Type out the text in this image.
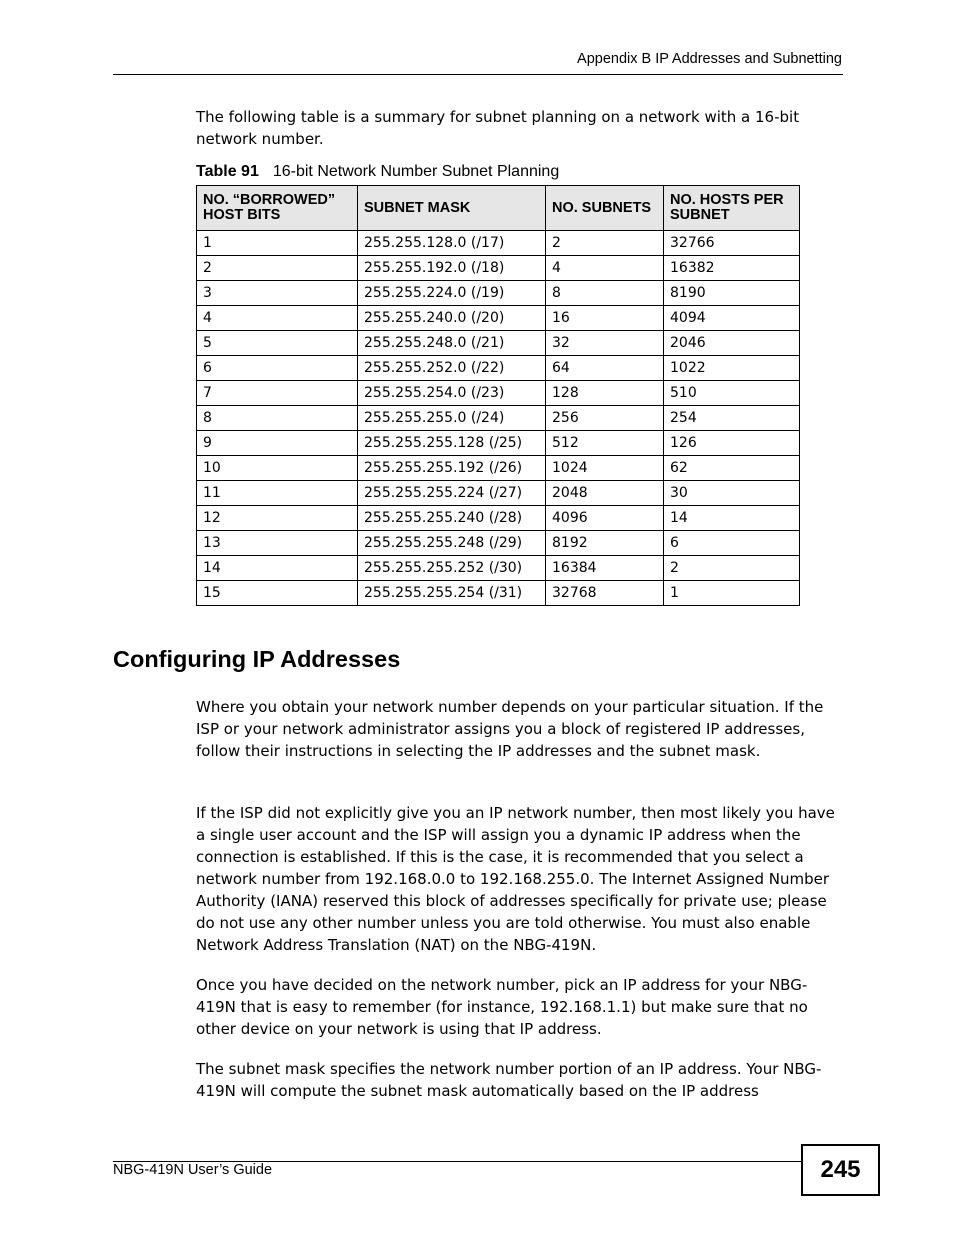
Appendix B IP Addresses and Subnetting

The following table is a summary for subnet planning on a network with a 16-bit network number.

Table 91 16-bit Network Number Subnet Planning
NO. “BORROWED” HOST BITS	SUBNET MASK	NO. SUBNETS	NO. HOSTS PER SUBNET
1	255.255.128.0 (/17)	2	32766
2	255.255.192.0 (/18)	4	16382
3	255.255.224.0 (/19)	8	8190
4	255.255.240.0 (/20)	16	4094
5	255.255.248.0 (/21)	32	2046
6	255.255.252.0 (/22)	64	1022
7	255.255.254.0 (/23)	128	510
8	255.255.255.0 (/24)	256	254
9	255.255.255.128 (/25)	512	126
10	255.255.255.192 (/26)	1024	62
11	255.255.255.224 (/27)	2048	30
12	255.255.255.240 (/28)	4096	14
13	255.255.255.248 (/29)	8192	6
14	255.255.255.252 (/30)	16384	2
15	255.255.255.254 (/31)	32768	1
Configuring IP Addresses

Where you obtain your network number depends on your particular situation. If the ISP or your network administrator assigns you a block of registered IP addresses, follow their instructions in selecting the IP addresses and the subnet mask.

If the ISP did not explicitly give you an IP network number, then most likely you have a single user account and the ISP will assign you a dynamic IP address when the connection is established. If this is the case, it is recommended that you select a network number from 192.168.0.0 to 192.168.255.0. The Internet Assigned Number Authority (IANA) reserved this block of addresses specifically for private use; please do not use any other number unless you are told otherwise. You must also enable Network Address Translation (NAT) on the NBG-419N.

Once you have decided on the network number, pick an IP address for your NBG-419N that is easy to remember (for instance, 192.168.1.1) but make sure that no other device on your network is using that IP address.

The subnet mask specifies the network number portion of an IP address. Your NBG-419N will compute the subnet mask automatically based on the IP address

NBG-419N User’s Guide	245
